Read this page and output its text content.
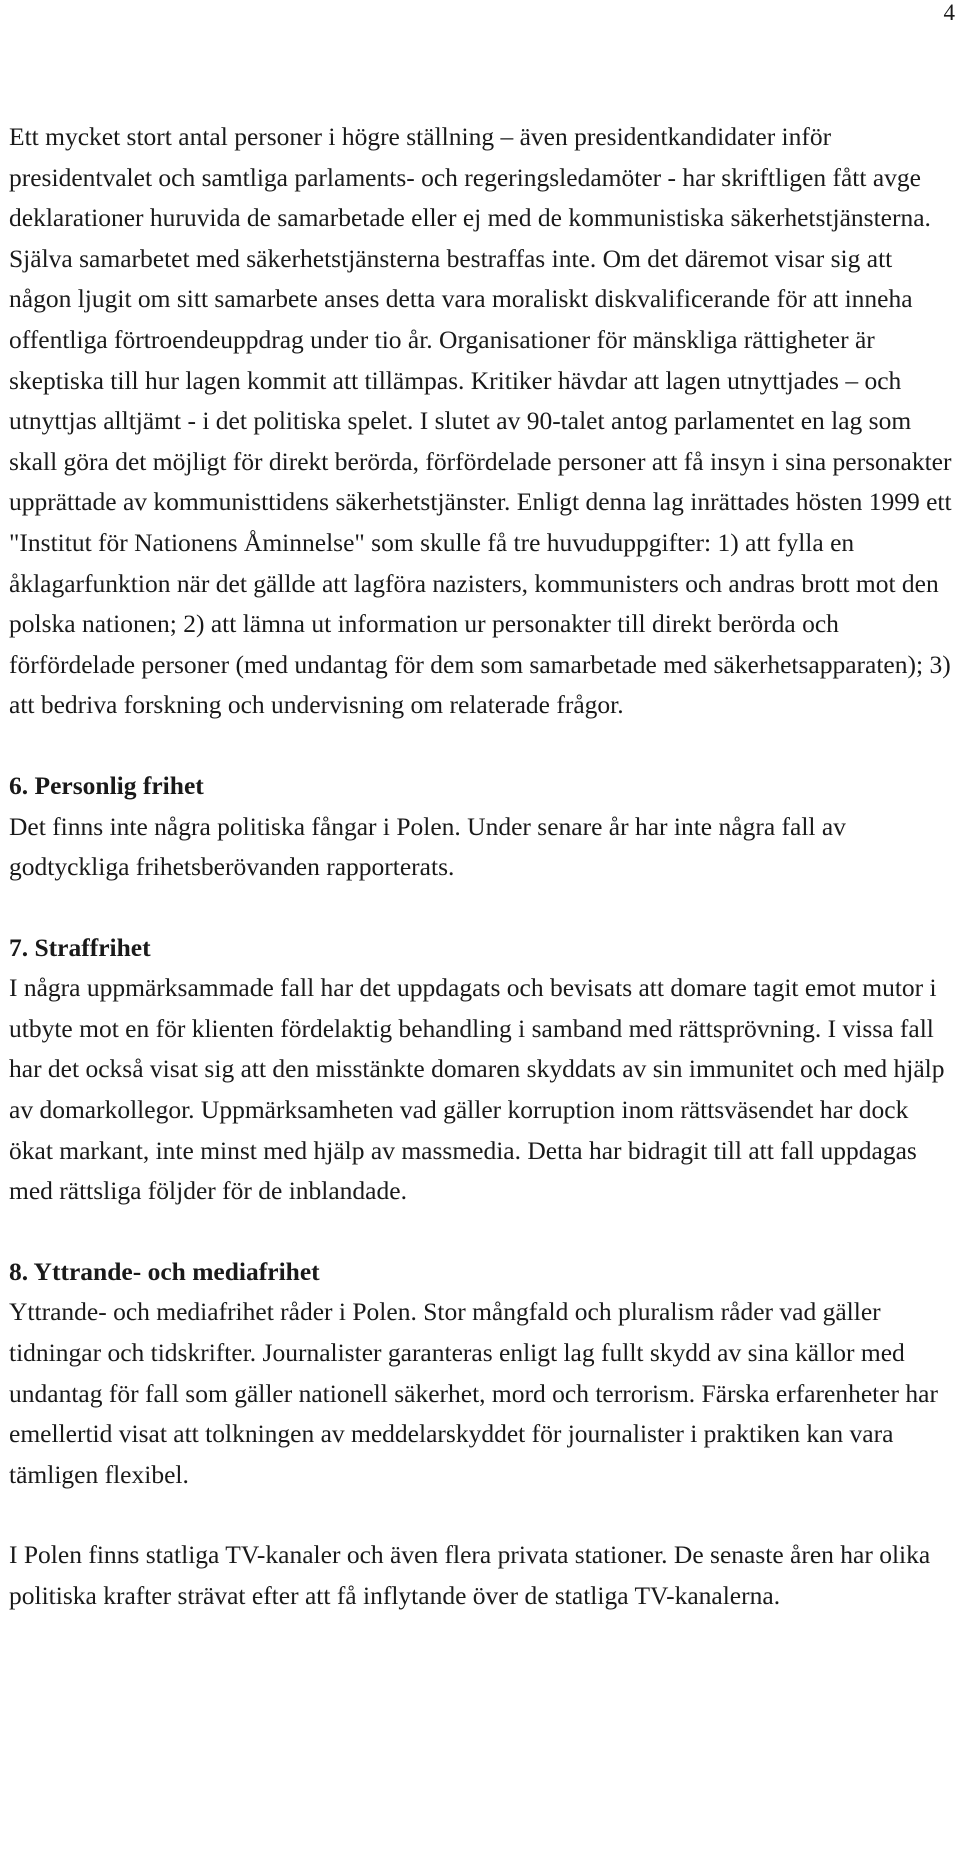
4

Ett mycket stort antal personer i högre ställning – även presidentkandidater inför presidentvalet och samtliga parlaments- och regeringsledamöter - har skriftligen fått avge deklarationer huruvida de samarbetade eller ej med de kommunistiska säkerhetstjänsterna. Själva samarbetet med säkerhetstjänsterna bestraffas inte. Om det däremot visar sig att någon ljugit om sitt samarbete anses detta vara moraliskt diskvalificerande för att inneha offentliga förtroendeuppdrag under tio år. Organisationer för mänskliga rättigheter är skeptiska till hur lagen kommit att tillämpas. Kritiker hävdar att lagen utnyttjades – och utnyttjas alltjämt - i det politiska spelet. I slutet av 90-talet antog parlamentet en lag som skall göra det möjligt för direkt berörda, förfördelade personer att få insyn i sina personakter upprättade av kommunisttidens säkerhetstjänster. Enligt denna lag inrättades hösten 1999 ett "Institut för Nationens Åminnelse" som skulle få tre huvuduppgifter: 1) att fylla en åklagarfunktion när det gällde att lagföra nazisters, kommunisters och andras brott mot den polska nationen; 2) att lämna ut information ur personakter till direkt berörda och förfördelade personer (med undantag för dem som samarbetade med säkerhetsapparaten); 3) att bedriva forskning och undervisning om relaterade frågor.

6. Personlig frihet

Det finns inte några politiska fångar i Polen. Under senare år har inte några fall av godtyckliga frihetsberövanden rapporterats.

7. Straffrihet

I några uppmärksammade fall har det uppdagats och bevisats att domare tagit emot mutor i utbyte mot en för klienten fördelaktig behandling i samband med rättsprövning. I vissa fall har det också visat sig att den misstänkte domaren skyddats av sin immunitet och med hjälp av domarkollegor. Uppmärksamheten vad gäller korruption inom rättsväsendet har dock ökat markant, inte minst med hjälp av massmedia. Detta har bidragit till att fall uppdagas med rättsliga följder för de inblandade.

8. Yttrande- och mediafrihet

Yttrande- och mediafrihet råder i Polen. Stor mångfald och pluralism råder vad gäller tidningar och tidskrifter. Journalister garanteras enligt lag fullt skydd av sina källor med undantag för fall som gäller nationell säkerhet, mord och terrorism. Färska erfarenheter har emellertid visat att tolkningen av meddelarskyddet för journalister i praktiken kan vara tämligen flexibel.

I Polen finns statliga TV-kanaler och även flera privata stationer. De senaste åren har olika politiska krafter strävat efter att få inflytande över de statliga TV-kanalerna.
